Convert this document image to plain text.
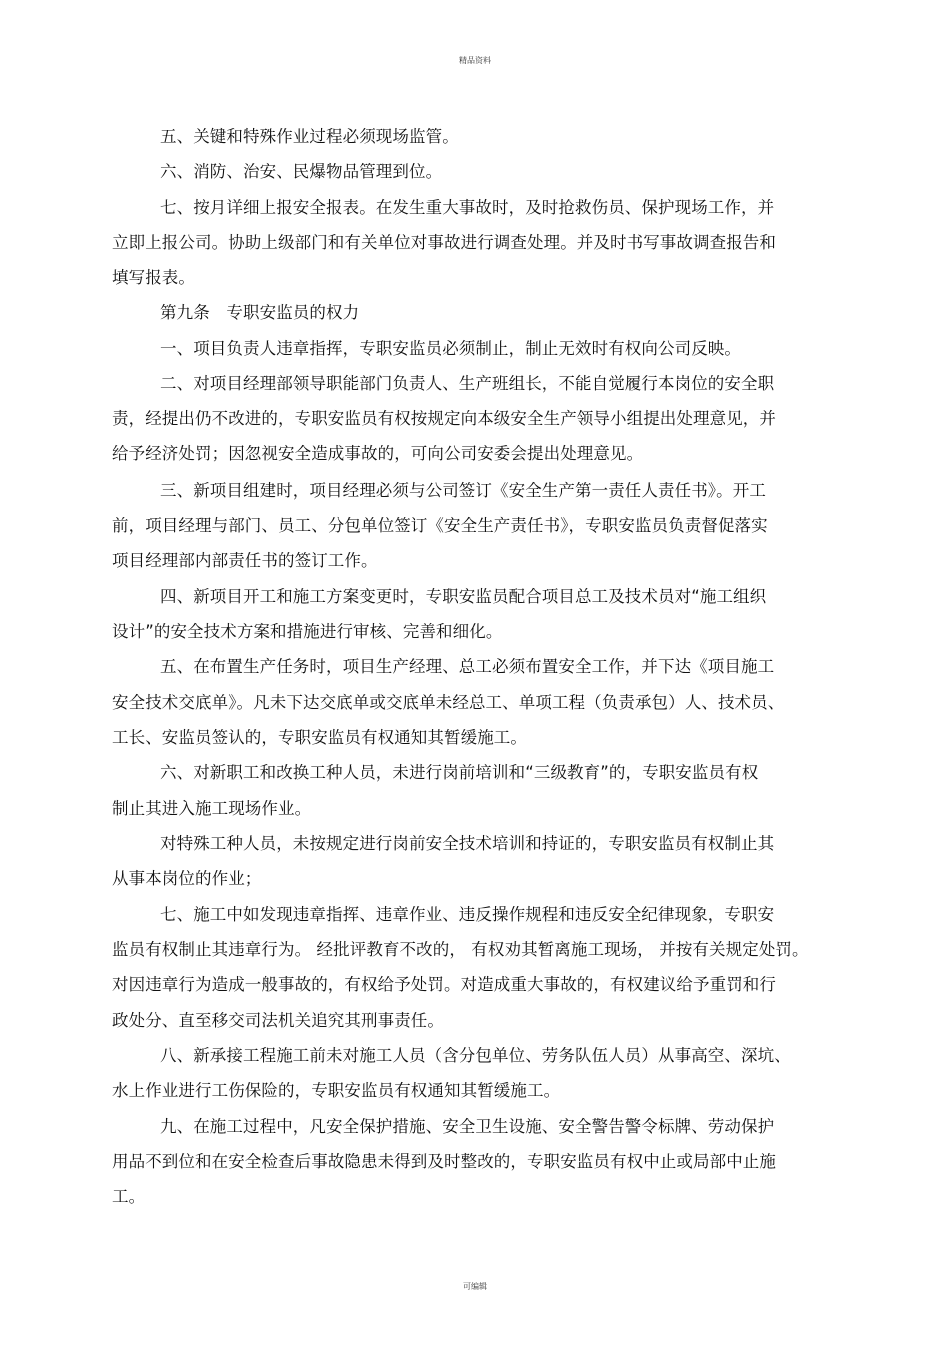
精品资料
五、关键和特殊作业过程必须现场监管。
六、消防、治安、民爆物品管理到位。
七、按月详细上报安全报表。在发生重大事故时，及时抢救伤员、保护现场工作，并
立即上报公司。协助上级部门和有关单位对事故进行调查处理。并及时书写事故调查报告和
填写报表。
第九条　专职安监员的权力
一、项目负责人违章指挥，专职安监员必须制止，制止无效时有权向公司反映。
二、对项目经理部领导职能部门负责人、生产班组长，不能自觉履行本岗位的安全职
责，经提出仍不改进的，专职安监员有权按规定向本级安全生产领导小组提出处理意见，并
给予经济处罚；因忽视安全造成事故的，可向公司安委会提出处理意见。
三、新项目组建时，项目经理必须与公司签订《安全生产第一责任人责任书》。开工
前，项目经理与部门、员工、分包单位签订《安全生产责任书》，专职安监员负责督促落实
项目经理部内部责任书的签订工作。
四、新项目开工和施工方案变更时，专职安监员配合项目总工及技术员对“施工组织
设计”的安全技术方案和措施进行审核、完善和细化。
五、在布置生产任务时，项目生产经理、总工必须布置安全工作，并下达《项目施工
安全技术交底单》。凡未下达交底单或交底单未经总工、单项工程（负责承包）人、技术员、
工长、安监员签认的，专职安监员有权通知其暂缓施工。
六、对新职工和改换工种人员，未进行岗前培训和“三级教育”的，专职安监员有权
制止其进入施工现场作业。
对特殊工种人员，未按规定进行岗前安全技术培训和持证的，专职安监员有权制止其
从事本岗位的作业；
七、施工中如发现违章指挥、违章作业、违反操作规程和违反安全纪律现象，专职安
监员有权制止其违章行为。 经批评教育不改的， 有权劝其暂离施工现场， 并按有关规定处罚。
对因违章行为造成一般事故的，有权给予处罚。对造成重大事故的，有权建议给予重罚和行
政处分、直至移交司法机关追究其刑事责任。
八、新承接工程施工前未对施工人员（含分包单位、劳务队伍人员）从事高空、深坑、
水上作业进行工伤保险的，专职安监员有权通知其暂缓施工。
九、在施工过程中，凡安全保护措施、安全卫生设施、安全警告警令标牌、劳动保护
用品不到位和在安全检查后事故隐患未得到及时整改的，专职安监员有权中止或局部中止施
工。
可编辑
